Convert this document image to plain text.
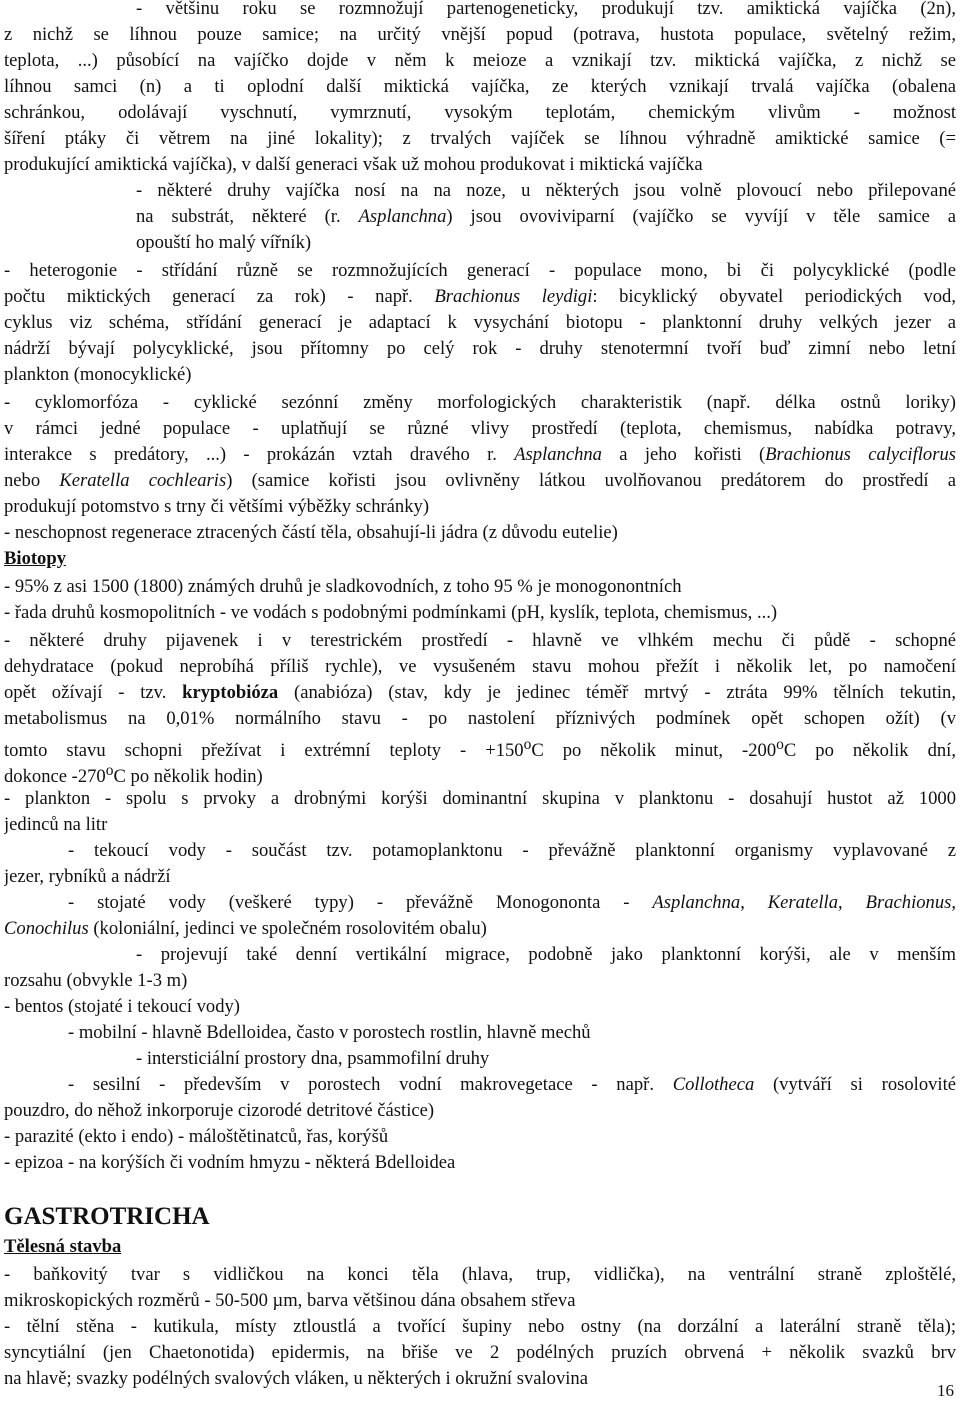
- většinu roku se rozmnožují partenogeneticky, produkují tzv. amiktická vajíčka (2n),
z nichž se líhnou pouze samice; na určitý vnější popud (potrava, hustota populace, světelný režim,
teplota, ...) působící na vajíčko dojde v něm k meioze a vznikají tzv. miktická vajíčka, z nichž se
líhnou samci (n) a ti oplodní další miktická vajíčka, ze kterých vznikají trvalá vajíčka (obalena
schránkou, odolávají vyschnutí, vymrznutí, vysokým teplotám, chemickým vlivům - možnost
šíření ptáky či větrem na jiné lokality); z trvalých vajíček se líhnou výhradně amiktické samice (=
produkující amiktická vajíčka), v další generaci však už mohou produkovat i miktická vajíčka
- některé druhy vajíčka nosí na na noze, u některých jsou volně plovoucí nebo přilepované
na substrát, některé (r. Asplanchna) jsou ovoviviparní (vajíčko se vyvíjí v těle samice a
opouští ho malý vířník)
- heterogonie - střídání různě se rozmnožujících generací - populace mono, bi či polycyklické (podle
počtu miktických generací za rok) - např. Brachionus leydigi: bicyklický obyvatel periodických vod,
cyklus viz schéma, střídání generací je adaptací k vysychání biotopu - planktonní druhy velkých jezer a
nádrží bývají polycyklické, jsou přítomny po celý rok - druhy stenotermní tvoří buď zimní nebo letní
plankton (monocyklické)
- cyklomorfóza - cyklické sezónní změny morfologických charakteristik (např. délka ostnů loriky)
v rámci jedné populace - uplatňují se různé vlivy prostředí (teplota, chemismus, nabídka potravy,
interakce s predátory, ...) - prokázán vztah dravého r. Asplanchna a jeho kořisti (Brachionus calyciflorus
nebo Keratella cochlearis) (samice kořisti jsou ovlivněny látkou uvolňovanou predátorem do prostředí a
produkují potomstvo s trny či většími výběžky schránky)
- neschopnost regenerace ztracených částí těla, obsahují-li jádra (z důvodu eutelie)
Biotopy
- 95% z asi 1500 (1800) známých druhů je sladkovodních, z toho 95 % je monogonontních
- řada druhů kosmopolitních - ve vodách s podobnými podmínkami (pH, kyslík, teplota, chemismus, ...)
- některé druhy pijavenek i v terestrickém prostředí - hlavně ve vlhkém mechu či půdě - schopné
dehydratace (pokud neprobíhá příliš rychle), ve vysušeném stavu mohou přežít i několik let, po namočení
opět ožívají - tzv. kryptobióza (anabióza) (stav, kdy je jedinec téměř mrtvý - ztráta 99% tělních tekutin,
metabolismus na 0,01% normálního stavu - po nastolení příznivých podmínek opět schopen ožít) (v
tomto stavu schopni přežívat i extrémní teploty - $+150^oC$ po několik minut, -200$^o$C po několik dní,
dokonce -270$^o$C po několik hodin)
- plankton - spolu s prvoky a drobnými korýši dominantní skupina v planktonu - dosahují hustot až 1000
jedinců na litr
- tekoucí vody - součást tzv. potamoplanktonu - převážně planktonní organismy vyplavované z
jezer, rybníků a nádrží
- stojaté vody (veškeré typy) - převážně Monogononta - Asplanchna, Keratella, Brachionus,
Conochilus (koloniální, jedinci ve společném rosolovitém obalu)
- projevují také denní vertikální migrace, podobně jako planktonní korýši, ale v menším
rozsahu (obvykle 1-3 m)
- bentos (stojaté i tekoucí vody)
- mobilní - hlavně Bdelloidea, často v porostech rostlin, hlavně mechů
- intersticiální prostory dna, psammofilní druhy
- sesilní - především v porostech vodní makrovegetace - např. Collotheca (vytváří si rosolovité
pouzdro, do něhož inkorporuje cizorodé detritové částice)
- parazité (ekto i endo) - máloštětinatců, řas, korýšů
- epizoa - na korýších či vodním hmyzu - některá Bdelloidea
GASTROTRICHA
Tělesná stavba
- baňkovitý tvar s vidličkou na konci těla (hlava, trup, vidlička), na ventrální straně zploštělé,
mikroskopických rozměrů - 50-500 µm, barva většinou dána obsahem střeva
- tělní stěna - kutikula, místy ztloustlá a tvořící šupiny nebo ostny (na dorzální a laterální straně těla);
syncytiální (jen Chaetonotida) epidermis, na břiše ve 2 podélných pruzích obrvená + několik svazků brv
na hlavě; svazky podélných svalových vláken, u některých i okružní svalovina
16
